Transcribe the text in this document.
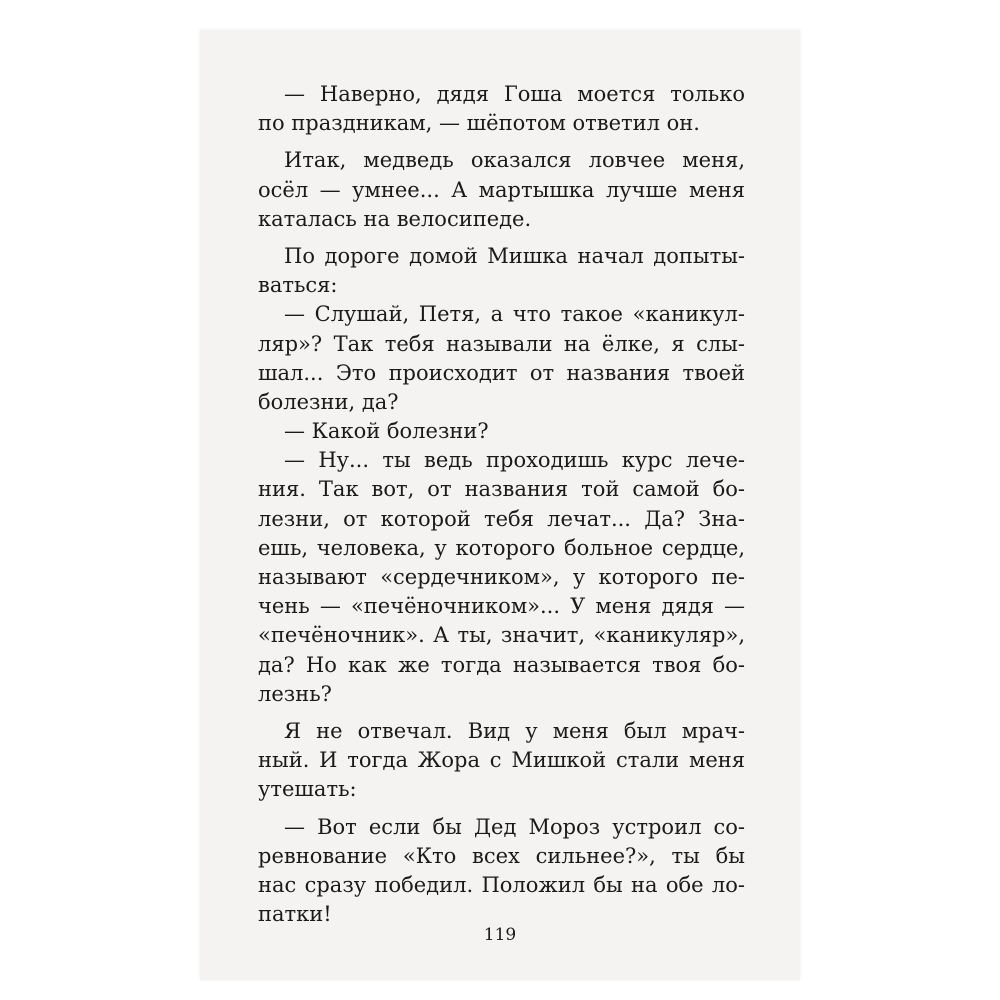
— Наверно, дядя Гоша моется только
по праздникам, — шёпотом ответил он.
Итак, медведь оказался ловчее меня,
осёл — умнее... А мартышка лучше меня
каталась на велосипеде.
По дороге домой Мишка начал допыты-
ваться:
— Слушай, Петя, а что такое «каникул-
ляр»? Так тебя называли на ёлке, я слы-
шал... Это происходит от названия твоей
болезни, да?
— Какой болезни?
— Ну... ты ведь проходишь курс лече-
ния. Так вот, от названия той самой бо-
лезни, от которой тебя лечат... Да? Зна-
ешь, человека, у которого больное сердце,
называют «сердечником», у которого пе-
чень — «печёночником»... У меня дядя —
«печёночник». А ты, значит, «каникуляр»,
да? Но как же тогда называется твоя бо-
лезнь?
Я не отвечал. Вид у меня был мрач-
ный. И тогда Жора с Мишкой стали меня
утешать:
— Вот если бы Дед Мороз устроил со-
ревнование «Кто всех сильнее?», ты бы
нас сразу победил. Положил бы на обе ло-
патки!
119
